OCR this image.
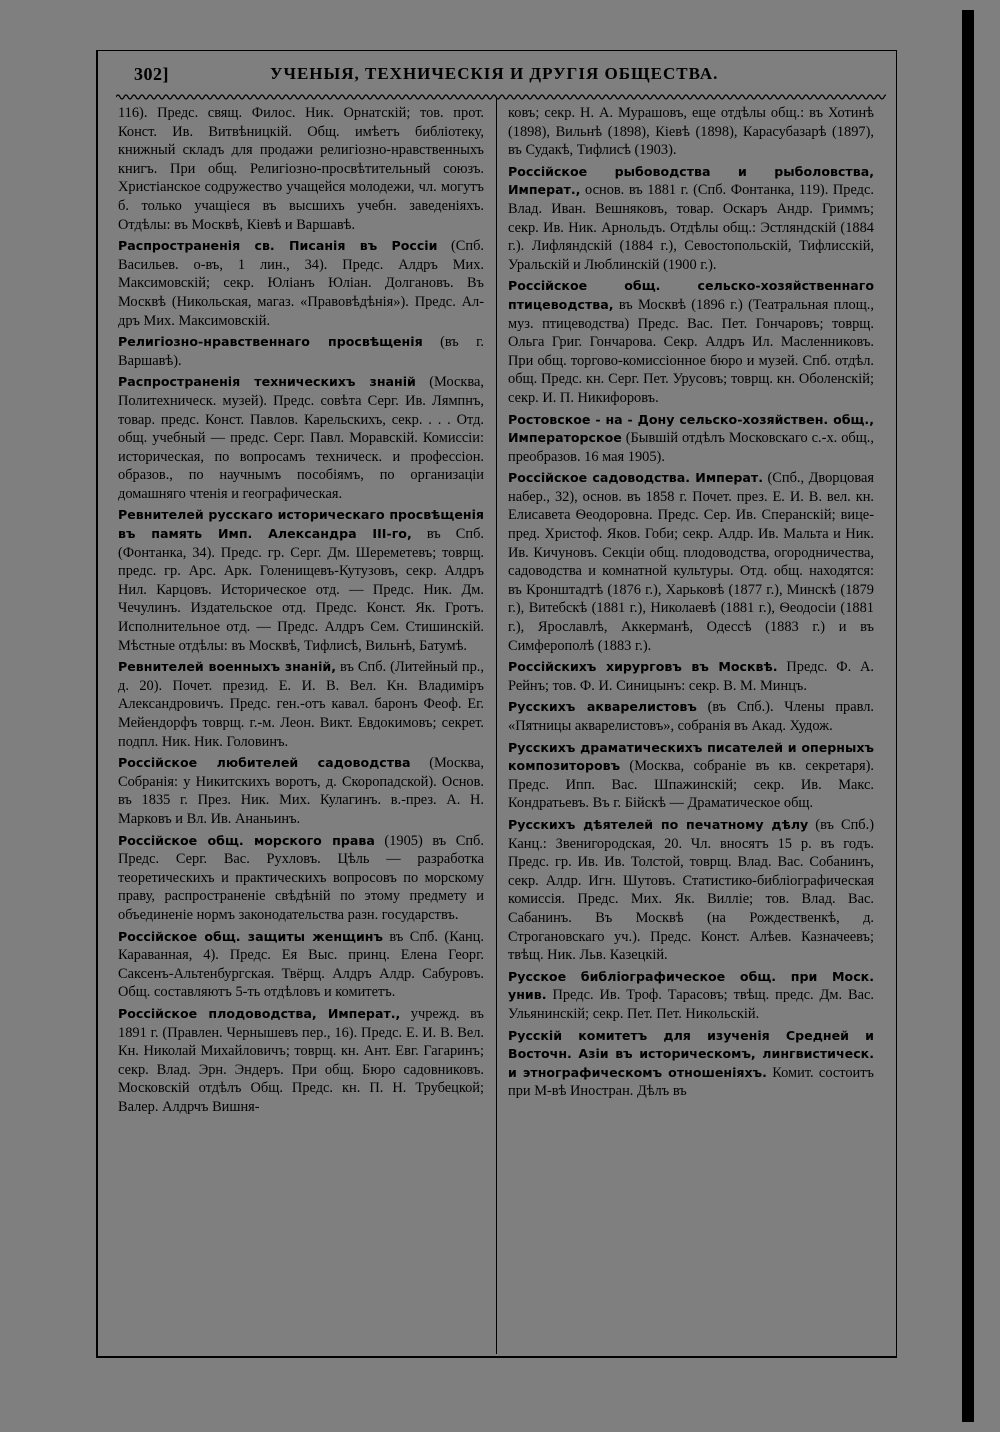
302]	УЧЕНЫЯ, ТЕХНИЧЕСКІЯ И ДРУГІЯ ОБЩЕСТВА.

116). Предс. свящ. Филос. Ник. Орнатскій; тов. прот. Конст. Ив. Витвѣницкій. Общ. имѣетъ библіотеку, книжный складъ для продажи религіозно-нравственныхъ книгъ. При общ. Религіозно-просвѣтительный союзъ. Христіанское содружество учащейся молодежи, чл. могутъ б. только учащіеся въ высшихъ учебн. заведеніяхъ. Отдѣлы: въ Москвѣ, Кіевѣ и Варшавѣ.

Распространенія св. Писанія въ Россіи (Спб. Васильев. о-въ, 1 лин., 34). Предс. Алдръ Мих. Максимовскій; секр. Юліанъ Юліан. Долгановъ. Въ Москвѣ (Никольская, магаз. «Правовѣдѣнія»). Предс. Ал-дръ Мих. Максимовскій.

Религіозно-нравственнаго просвѣщенія (въ г. Варшавѣ).

Распространенія техническихъ знаній (Москва, Политехническ. музей). Предс. совѣта Серг. Ив. Лямпнъ, товар. предс. Конст. Павлов. Карельскихъ, секр. . . . Отд. общ. учебный — предс. Серг. Павл. Моравскій. Комиссіи: историческая, по вопросамъ техническ. и профессіон. образов., по научнымъ пособіямъ, по организаціи домашняго чтенія и географическая.

Ревнителей русскаго историческаго просвѣщенія въ память Имп. Александра III-го, въ Спб. (Фонтанка, 34). Предс. гр. Серг. Дм. Шереметевъ; товрщ. предс. гр. Арс. Арк. Голенищевъ-Кутузовъ, секр. Алдръ Нил. Карцовъ. Историческое отд. — Предс. Ник. Дм. Чечулинъ. Издательское отд. Предс. Конст. Як. Гротъ. Исполнительное отд. — Предс. Алдръ Сем. Стишинскій. Мѣстные отдѣлы: въ Москвѣ, Тифлисѣ, Вильнѣ, Батумѣ.

Ревнителей военныхъ знаній, въ Спб. (Литейный пр., д. 20). Почет. презид. Е. И. В. Вел. Кн. Владиміръ Александровичъ. Предс. ген.-отъ кавал. баронъ Феоф. Ег. Мейендорфъ товрщ. г.-м. Леон. Викт. Евдокимовъ; секрет. подпл. Ник. Ник. Головинъ.

Россійское любителей садоводства (Москва, Собранія: у Никитскихъ воротъ, д. Скоропадской). Основ. въ 1835 г. През. Ник. Мих. Кулагинъ. в.-през. А. Н. Марковъ и Вл. Ив. Ананьинъ.

Россійское общ. морского права (1905) въ Спб. Предс. Серг. Вас. Рухловъ. Цѣль — разработка теоретическихъ и практическихъ вопросовъ по морскому праву, распространеніе свѣдѣній по этому предмету и объединеніе нормъ законодательства разн. государствъ.

Россійское общ. защиты женщинъ въ Спб. (Канц. Караванная, 4). Предс. Ея Выс. принц. Елена Георг. Саксенъ-Альтенбургская. Твёрщ. Алдръ Алдр. Сабуровъ. Общ. составляютъ 5-ть отдѣловъ и комитетъ.

Россійское плодоводства, Императ., учрежд. въ 1891 г. (Правлен. Чернышевъ пер., 16). Предс. Е. И. В. Вел. Кн. Николай Михайловичъ; товрщ. кн. Ант. Евг. Гагаринъ; секр. Влад. Эрн. Эндеръ. При общ. Бюро садовниковъ. Московскій отдѣлъ Общ. Предс. кн. П. Н. Трубецкой; Валер. Алдрчъ Вишня-

ковъ; секр. Н. А. Мурашовъ, еще отдѣлы общ.: въ Хотинѣ (1898), Вильнѣ (1898), Кіевѣ (1898), Карасубазарѣ (1897), въ Судакѣ, Тифлисѣ (1903).

Россійское рыбоводства и рыболовства, Императ., основ. въ 1881 г. (Спб. Фонтанка, 119). Предс. Влад. Иван. Вешняковъ, товар. Оскаръ Андр. Гриммъ; секр. Ив. Ник. Арнольдъ. Отдѣлы общ.: Эстляндскій (1884 г.). Лифляндскій (1884 г.), Севостопольскій, Тифлисскій, Уральскій и Люблинскій (1900 г.).

Россійское общ. сельско-хозяйственнаго птицеводства, въ Москвѣ (1896 г.) (Театральная площ., муз. птицеводства) Предс. Вас. Пет. Гончаровъ; товрщ. Ольга Григ. Гончарова. Секр. Алдръ Ил. Масленниковъ. При общ. торгово-комиссіонное бюро и музей. Спб. отдѣл. общ. Предс. кн. Серг. Пет. Урусовъ; товрщ. кн. Оболенскій; секр. И. П. Никифоровъ.

Ростовское - на - Дону сельско-хозяйствен. общ., Императорское (Бывшій отдѣлъ Московскаго с.-х. общ., преобразов. 16 мая 1905).

Россійское садоводства. Императ. (Спб., Дворцовая набер., 32), основ. въ 1858 г. Почет. през. Е. И. В. вел. кн. Елисавета Ѳеодоровна. Предс. Сер. Ив. Сперанскій; вице-пред. Христоф. Яков. Гоби; секр. Алдр. Ив. Мальта и Ник. Ив. Кичуновъ. Секціи общ. плодоводства, огородничества, садоводства и комнатной культуры. Отд. общ. находятся: въ Кронштадтѣ (1876 г.), Харьковѣ (1877 г.), Минскѣ (1879 г.), Витебскѣ (1881 г.), Николаевѣ (1881 г.), Ѳеодосіи (1881 г.), Ярославлѣ, Аккерманѣ, Одессѣ (1883 г.) и въ Симферополѣ (1883 г.).

Россійскихъ хирурговъ въ Москвѣ. Предс. Ф. А. Рейнъ; тов. Ф. И. Синицынъ: секр. В. М. Минцъ.

Русскихъ акварелистовъ (въ Спб.). Члены правл. «Пятницы акварелистовъ», собранія въ Акад. Худож.

Русскихъ драматическихъ писателей и оперныхъ композиторовъ (Москва, собраніе въ кв. секретаря). Предс. Ипп. Вас. Шпажинскій; секр. Ив. Макс. Кондратьевъ. Въ г. Бійскѣ — Драматическое общ.

Русскихъ дѣятелей по печатному дѣлу (въ Спб.) Канц.: Звенигородская, 20. Чл. вносятъ 15 р. въ годъ. Предс. гр. Ив. Ив. Толстой, товрщ. Влад. Вас. Собанинъ, секр. Алдр. Игн. Шутовъ. Статистико-библіографическая комиссія. Предс. Мих. Як. Виллie; тов. Влад. Вас. Сабанинъ. Въ Москвѣ (на Рождественкѣ, д. Строгановскаго уч.). Предс. Конст. Алѣев. Казначеевъ; твѣщ. Ник. Льв. Казецкій.

Русское библіографическое общ. при Моск. унив. Предс. Ив. Троф. Тарасовъ; твѣщ. предс. Дм. Вас. Ульянинскій; секр. Пет. Пет. Никольскій.

Русскій комитетъ для изученія Средней и Восточн. Азіи въ историческомъ, лингвистическ. и этнографическомъ отношеніяхъ. Комит. состоитъ при М-вѣ Иностран. Дѣлъ въ
